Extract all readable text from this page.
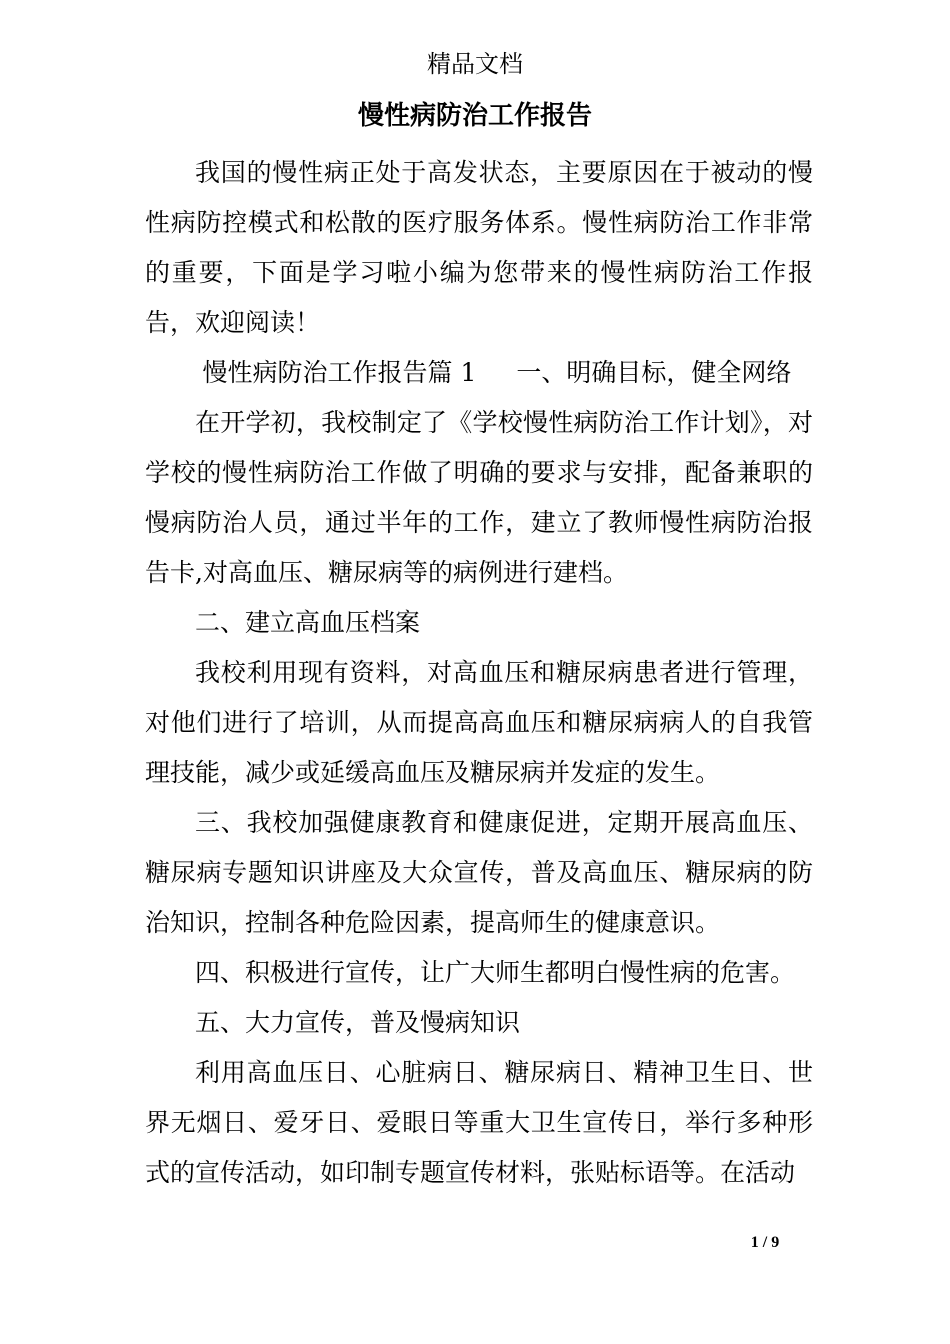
精品文档
慢性病防治工作报告

我国的慢性病正处于高发状态，主要原因在于被动的慢性病防控模式和松散的医疗服务体系。慢性病防治工作非常的重要，下面是学习啦小编为您带来的慢性病防治工作报告，欢迎阅读！

慢性病防治工作报告篇 1 一、明确目标，健全网络

在开学初，我校制定了《学校慢性病防治工作计划》，对学校的慢性病防治工作做了明确的要求与安排，配备兼职的慢病防治人员，通过半年的工作，建立了教师慢性病防治报告卡,对高血压、糖尿病等的病例进行建档。

二、建立高血压档案

我校利用现有资料，对高血压和糖尿病患者进行管理，对他们进行了培训，从而提高高血压和糖尿病病人的自我管理技能，减少或延缓高血压及糖尿病并发症的发生。

三、我校加强健康教育和健康促进，定期开展高血压、糖尿病专题知识讲座及大众宣传，普及高血压、糖尿病的防治知识，控制各种危险因素，提高师生的健康意识。

四、积极进行宣传，让广大师生都明白慢性病的危害。

五、大力宣传，普及慢病知识

利用高血压日、心脏病日、糖尿病日、精神卫生日、世界无烟日、爱牙日、爱眼日等重大卫生宣传日，举行多种形式的宣传活动，如印制专题宣传材料，张贴标语等。在活动

1 / 9
